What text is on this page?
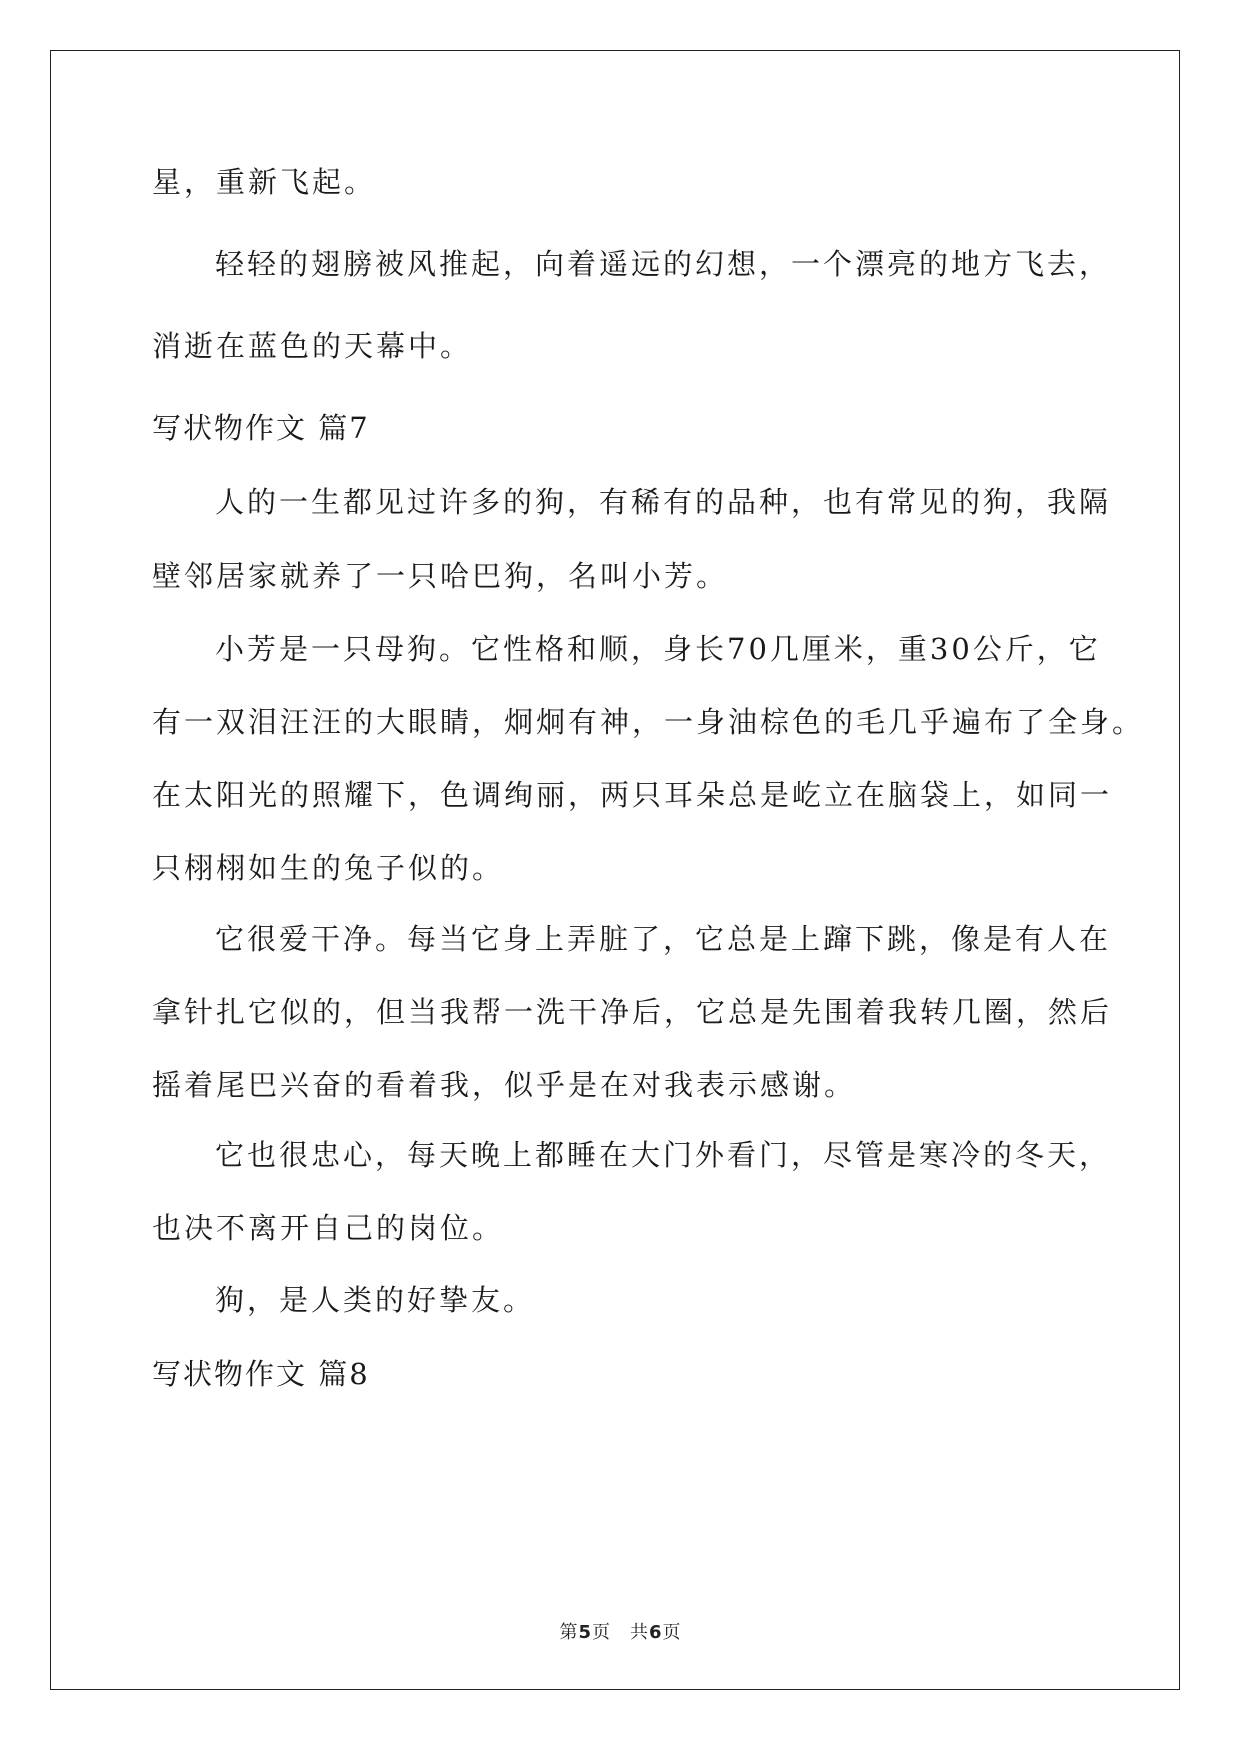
星，重新飞起。
轻轻的翅膀被风推起，向着遥远的幻想，一个漂亮的地方飞去，
消逝在蓝色的天幕中。
写状物作文 篇7
人的一生都见过许多的狗，有稀有的品种，也有常见的狗，我隔
壁邻居家就养了一只哈巴狗，名叫小芳。
小芳是一只母狗。它性格和顺，身长70几厘米，重30公斤，它
有一双泪汪汪的大眼睛，炯炯有神，一身油棕色的毛几乎遍布了全身。
在太阳光的照耀下，色调绚丽，两只耳朵总是屹立在脑袋上，如同一
只栩栩如生的兔子似的。
它很爱干净。每当它身上弄脏了，它总是上蹿下跳，像是有人在
拿针扎它似的，但当我帮一洗干净后，它总是先围着我转几圈，然后
摇着尾巴兴奋的看着我，似乎是在对我表示感谢。
它也很忠心，每天晚上都睡在大门外看门，尽管是寒冷的冬天，
也决不离开自己的岗位。
狗，是人类的好挚友。
写状物作文 篇8
第5页　共6页
